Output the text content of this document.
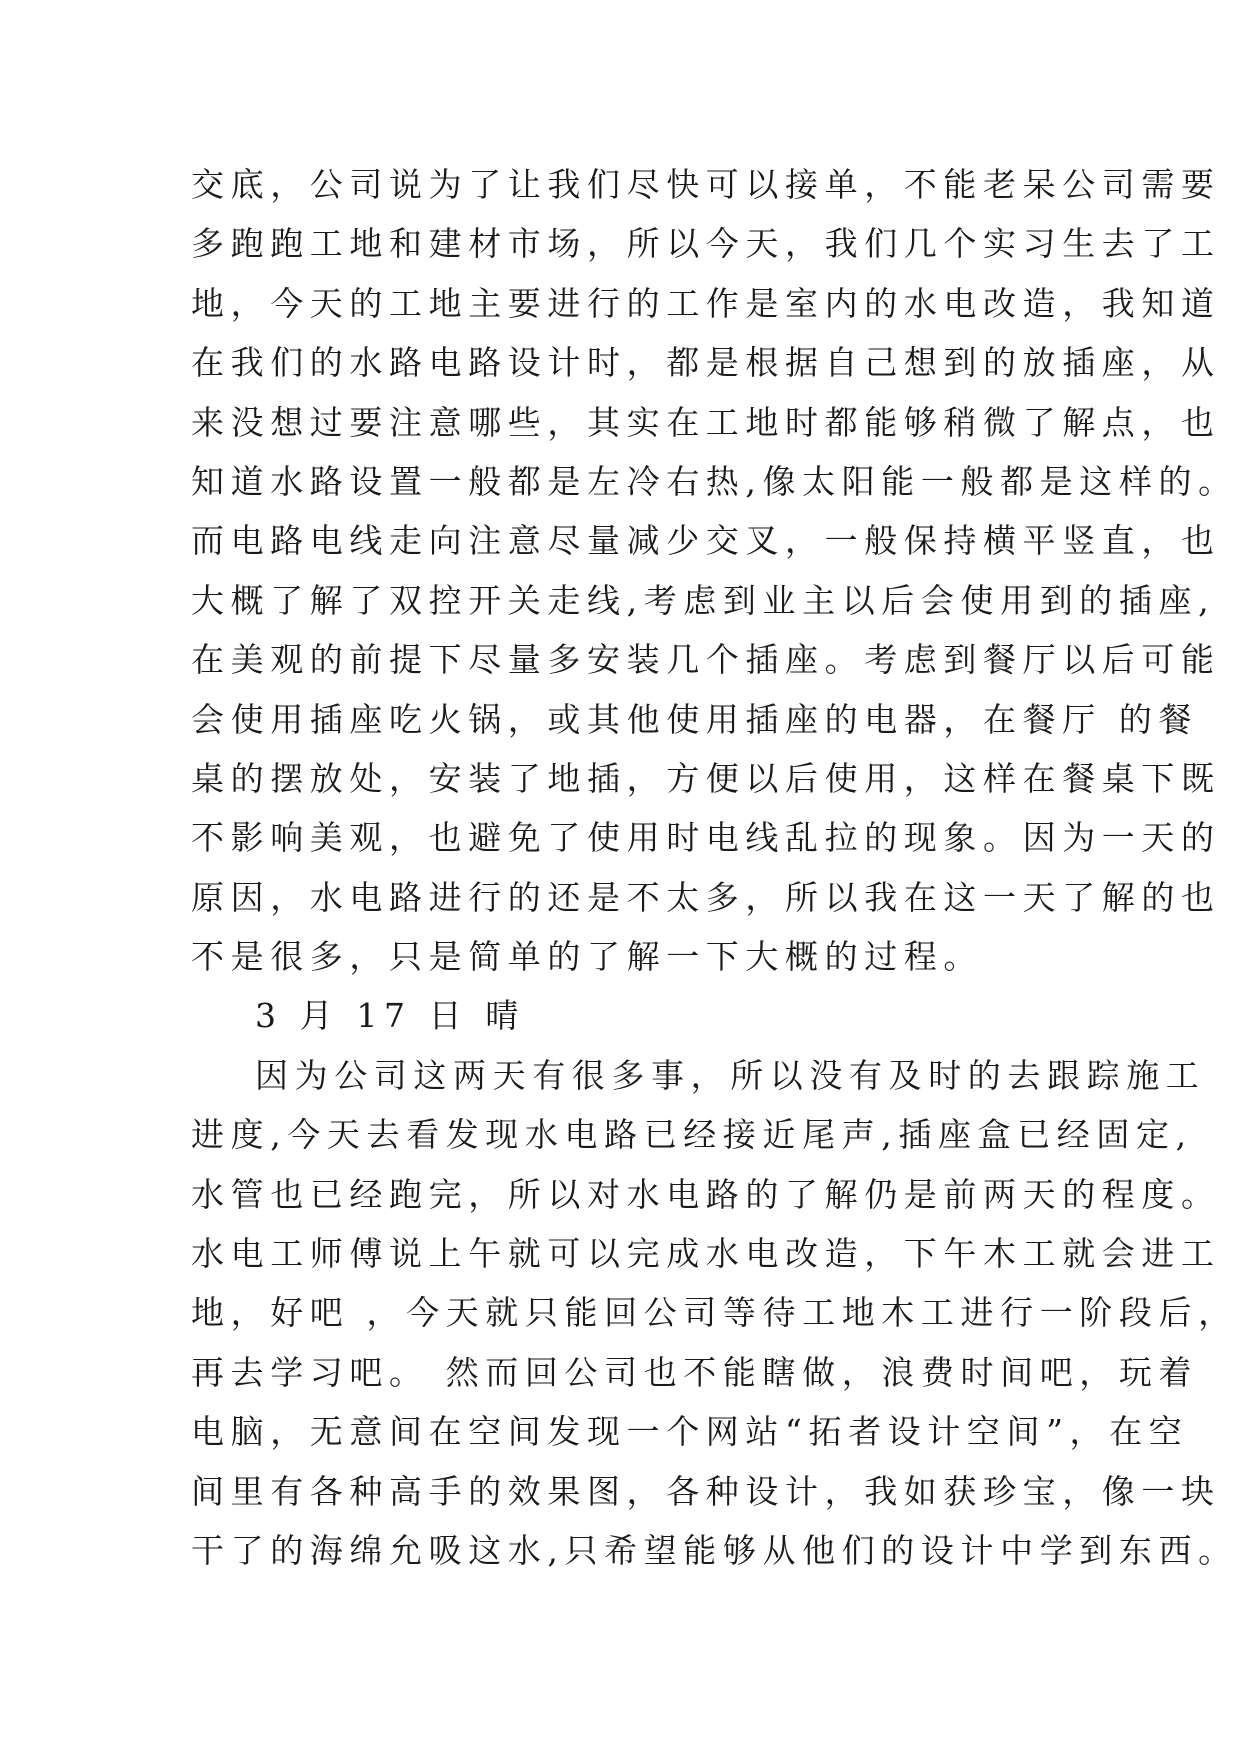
交底，公司说为了让我们尽快可以接单，不能老呆公司需要
多跑跑工地和建材市场，所以今天，我们几个实习生去了工
地，今天的工地主要进行的工作是室内的水电改造，我知道
在我们的水路电路设计时，都是根据自己想到的放插座，从
来没想过要注意哪些，其实在工地时都能够稍微了解点，也
知道水路设置一般都是左冷右热,像太阳能一般都是这样的。
而电路电线走向注意尽量减少交叉，一般保持横平竖直，也
大概了解了双控开关走线,考虑到业主以后会使用到的插座,
在美观的前提下尽量多安装几个插座。考虑到餐厅以后可能
会使用插座吃火锅，或其他使用插座的电器，在餐厅 的餐
桌的摆放处，安装了地插，方便以后使用，这样在餐桌下既
不影响美观，也避免了使用时电线乱拉的现象。因为一天的
原因，水电路进行的还是不太多，所以我在这一天了解的也
不是很多，只是简单的了解一下大概的过程。
3 月 17 日 晴
因为公司这两天有很多事，所以没有及时的去跟踪施工
进度,今天去看发现水电路已经接近尾声,插座盒已经固定,
水管也已经跑完，所以对水电路的了解仍是前两天的程度。
水电工师傅说上午就可以完成水电改造，下午木工就会进工
地，好吧 ，今天就只能回公司等待工地木工进行一阶段后，
再去学习吧。 然而回公司也不能瞎做，浪费时间吧，玩着
电脑，无意间在空间发现一个网站“拓者设计空间”，在空
间里有各种高手的效果图，各种设计，我如获珍宝，像一块
干了的海绵允吸这水,只希望能够从他们的设计中学到东西。
